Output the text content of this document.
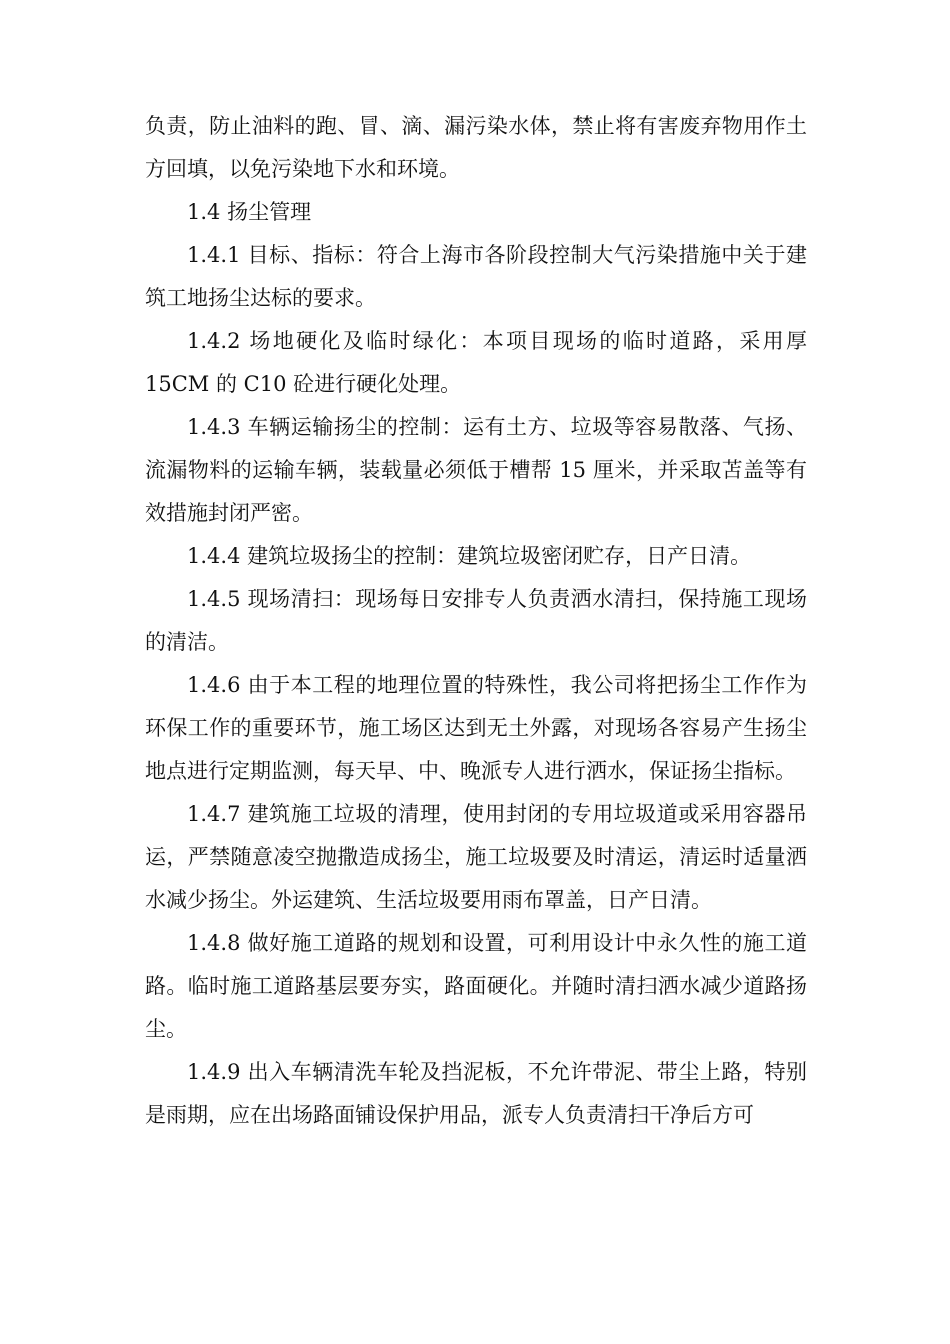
负责，防止油料的跑、冒、滴、漏污染水体，禁止将有害废弃物用作土方回填，以免污染地下水和环境。

1.4 扬尘管理

1.4.1 目标、指标：符合上海市各阶段控制大气污染措施中关于建筑工地扬尘达标的要求。

1.4.2 场地硬化及临时绿化：本项目现场的临时道路，采用厚15CM 的 C10 砼进行硬化处理。

1.4.3 车辆运输扬尘的控制：运有土方、垃圾等容易散落、气扬、流漏物料的运输车辆，装载量必须低于槽帮 15 厘米，并采取苫盖等有效措施封闭严密。

1.4.4 建筑垃圾扬尘的控制：建筑垃圾密闭贮存，日产日清。

1.4.5 现场清扫：现场每日安排专人负责洒水清扫，保持施工现场的清洁。

1.4.6 由于本工程的地理位置的特殊性，我公司将把扬尘工作作为环保工作的重要环节，施工场区达到无土外露，对现场各容易产生扬尘地点进行定期监测，每天早、中、晚派专人进行洒水，保证扬尘指标。

1.4.7 建筑施工垃圾的清理，使用封闭的专用垃圾道或采用容器吊运，严禁随意凌空抛撒造成扬尘，施工垃圾要及时清运，清运时适量洒水减少扬尘。外运建筑、生活垃圾要用雨布罩盖，日产日清。

1.4.8 做好施工道路的规划和设置，可利用设计中永久性的施工道路。临时施工道路基层要夯实，路面硬化。并随时清扫洒水减少道路扬尘。

1.4.9 出入车辆清洗车轮及挡泥板，不允许带泥、带尘上路，特别是雨期，应在出场路面铺设保护用品，派专人负责清扫干净后方可
